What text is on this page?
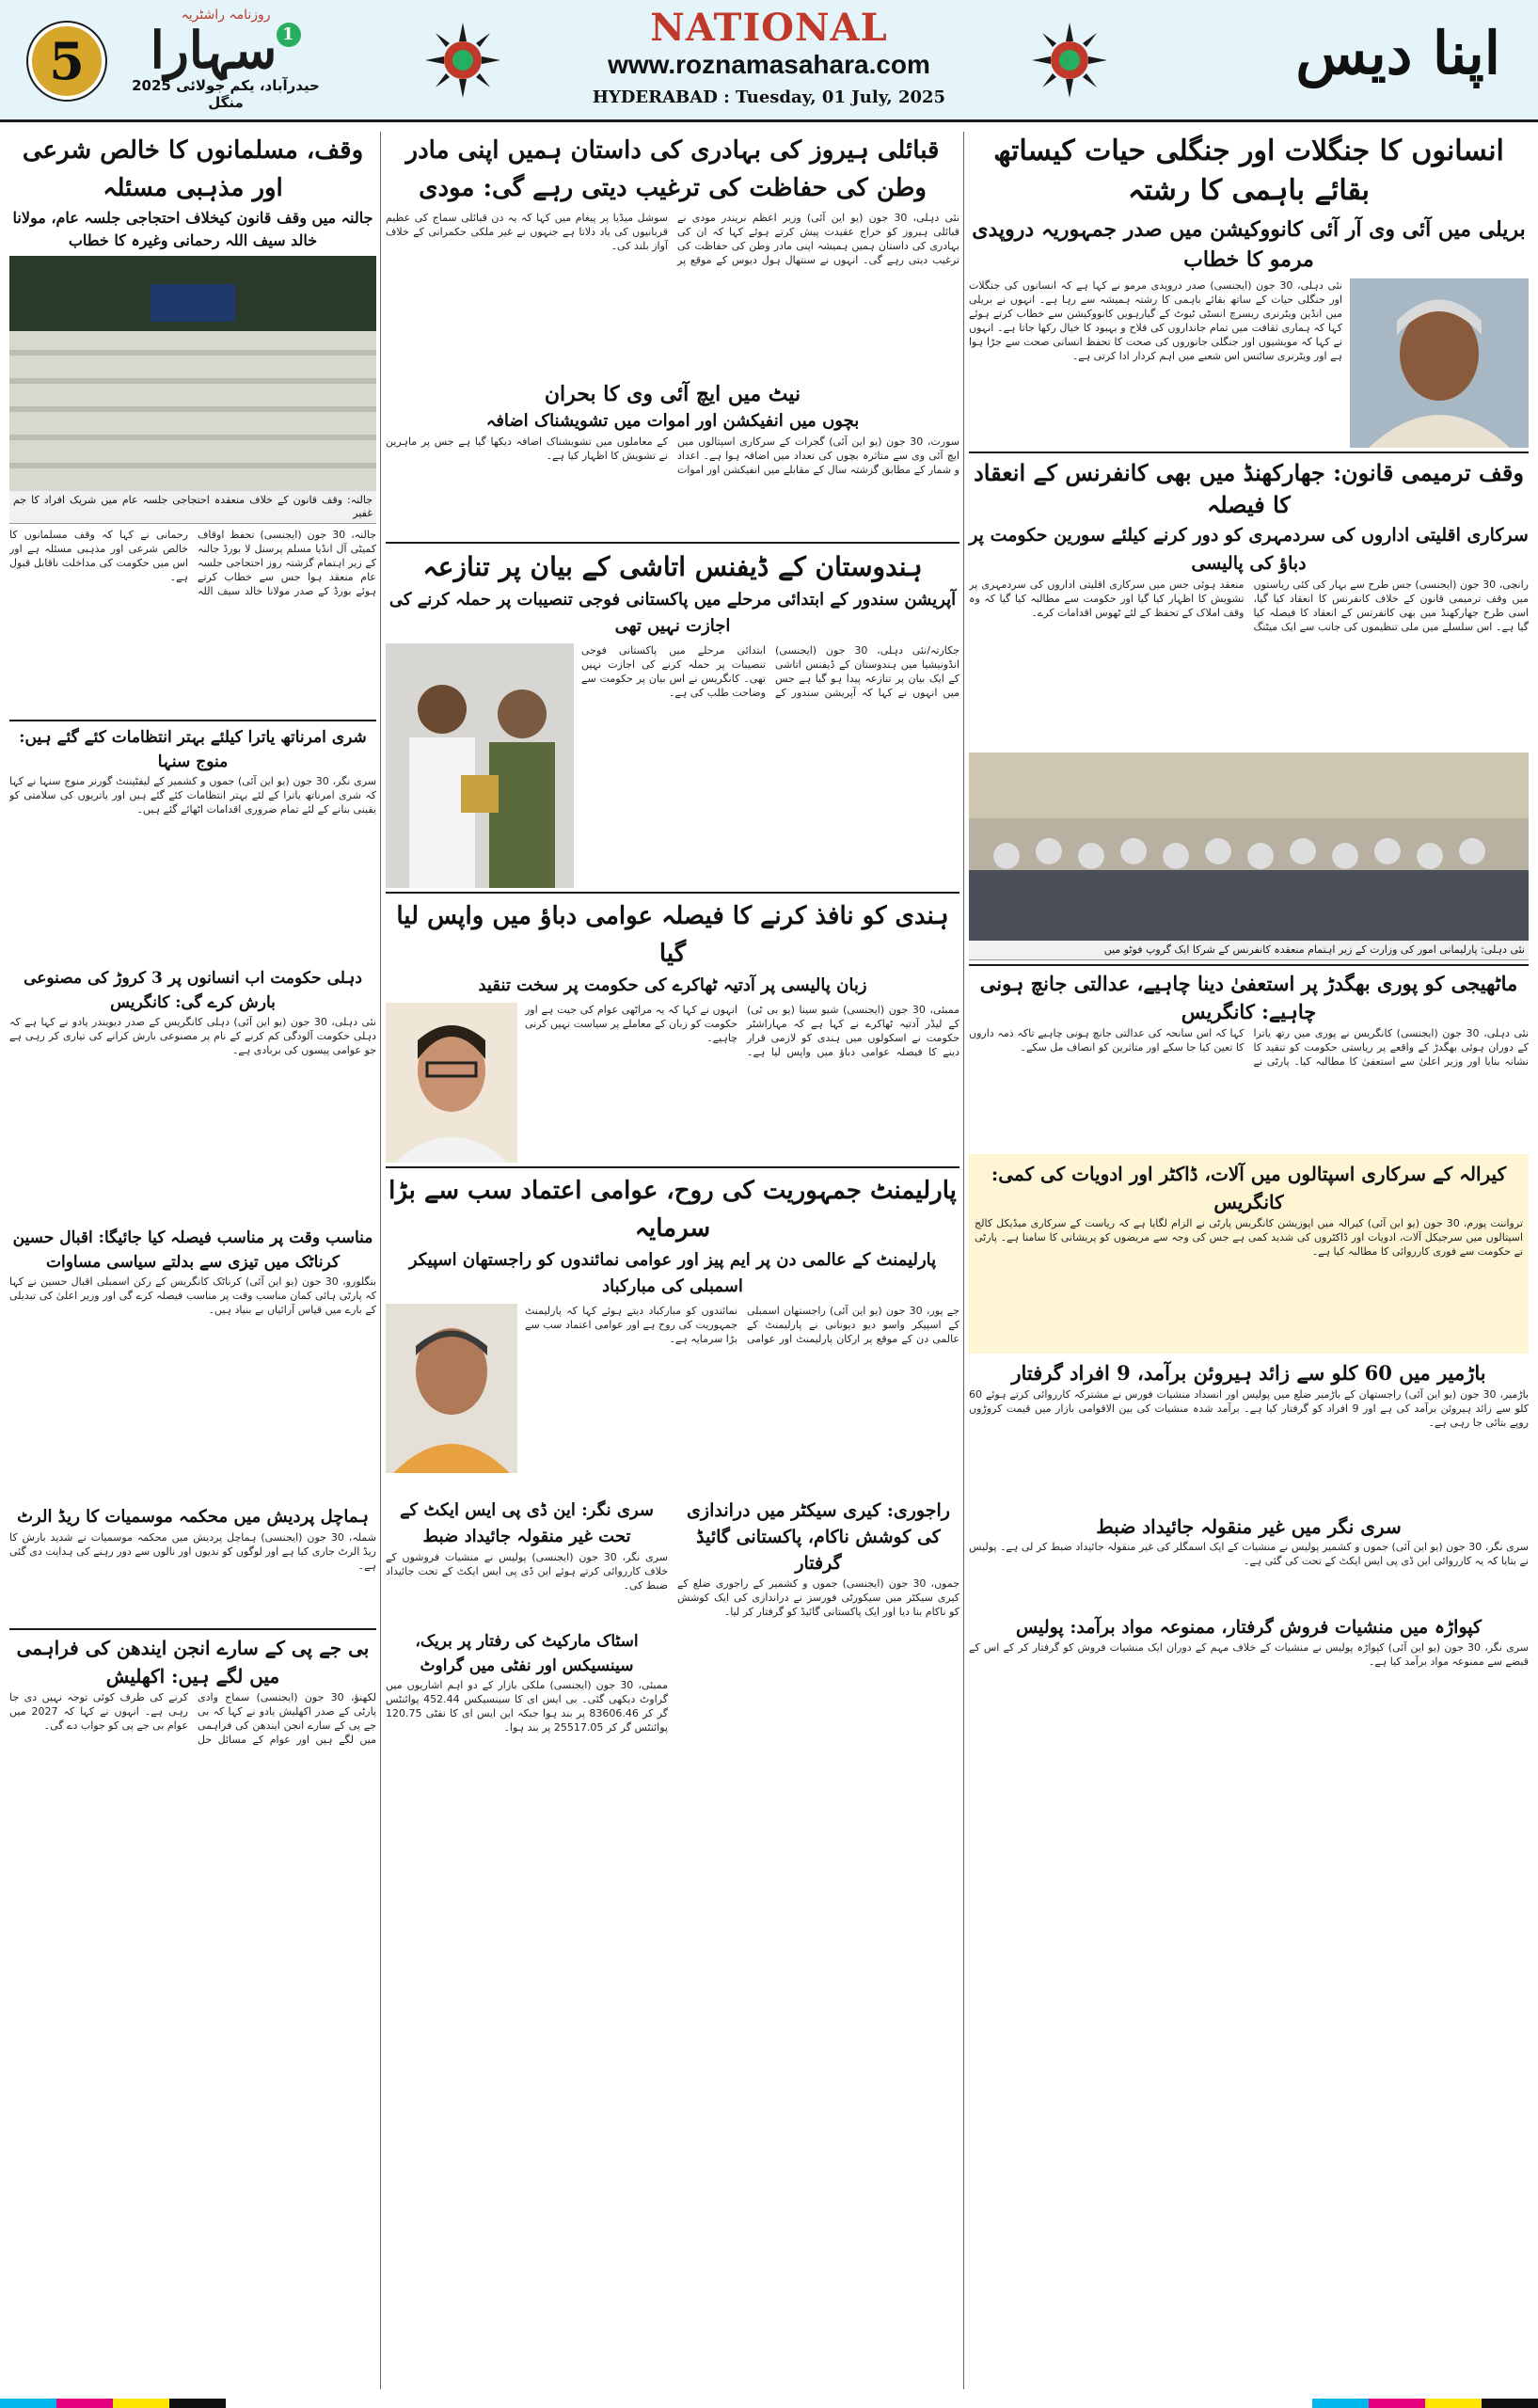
5
روزنامہ راشٹریہ
سہارا 1
حیدرآباد، یکم جولائی 2025 منگل
NATIONAL
www.roznamasahara.com
HYDERABAD : Tuesday, 01 July, 2025
اپنا دیس
انسانوں کا جنگلات اور جنگلی حیات کیساتھ بقائے باہمی کا رشتہ
بریلی میں آئی وی آر آئی کانووکیشن میں صدر جمہوریہ دروپدی مرمو کا خطاب
نئی دہلی، 30 جون (ایجنسی) صدر دروپدی مرمو نے کہا ہے کہ انسانوں کی جنگلات اور جنگلی حیات کے ساتھ بقائے باہمی کا رشتہ ہمیشہ سے رہا ہے۔ انہوں نے بریلی میں انڈین ویٹرنری ریسرچ انسٹی ٹیوٹ کے گیارہویں کانووکیشن سے خطاب کرتے ہوئے کہا کہ ہماری ثقافت میں تمام جانداروں کی فلاح و بہبود کا خیال رکھا جاتا ہے۔ انہوں نے کہا کہ مویشیوں اور جنگلی جانوروں کی صحت کا تحفظ انسانی صحت سے جڑا ہوا ہے اور ویٹرنری سائنس اس شعبے میں اہم کردار ادا کرتی ہے۔
وقف ترمیمی قانون: جھارکھنڈ میں بھی کانفرنس کے انعقاد کا فیصلہ
سرکاری اقلیتی اداروں کی سردمہری کو دور کرنے کیلئے سورین حکومت پر دباؤ کی پالیسی
رانچی، 30 جون (ایجنسی) جس طرح سے بہار کی کئی ریاستوں میں وقف ترمیمی قانون کے خلاف کانفرنس کا انعقاد کیا گیا، اسی طرح جھارکھنڈ میں بھی کانفرنس کے انعقاد کا فیصلہ کیا گیا ہے۔ اس سلسلے میں ملی تنظیموں کی جانب سے ایک میٹنگ منعقد ہوئی جس میں سرکاری اقلیتی اداروں کی سردمہری پر تشویش کا اظہار کیا گیا اور حکومت سے مطالبہ کیا گیا کہ وہ وقف املاک کے تحفظ کے لئے ٹھوس اقدامات کرے۔
نئی دہلی: پارلیمانی امور کی وزارت کے زیر اہتمام منعقدہ کانفرنس کے شرکا ایک گروپ فوٹو میں
ماٹھیجی کو پوری بھگدڑ پر استعفیٰ دینا چاہیے، عدالتی جانچ ہونی چاہیے: کانگریس
نئی دہلی، 30 جون (ایجنسی) کانگریس نے پوری میں رتھ یاترا کے دوران ہوئی بھگدڑ کے واقعے پر ریاستی حکومت کو تنقید کا نشانہ بنایا اور وزیر اعلیٰ سے استعفیٰ کا مطالبہ کیا۔ پارٹی نے کہا کہ اس سانحہ کی عدالتی جانچ ہونی چاہیے تاکہ ذمہ داروں کا تعین کیا جا سکے اور متاثرین کو انصاف مل سکے۔
کیرالہ کے سرکاری اسپتالوں میں آلات، ڈاکٹر اور ادویات کی کمی: کانگریس
ترواننت پورم، 30 جون (یو این آئی) کیرالہ میں اپوزیشن کانگریس پارٹی نے الزام لگایا ہے کہ ریاست کے سرکاری میڈیکل کالج اسپتالوں میں سرجیکل آلات، ادویات اور ڈاکٹروں کی شدید کمی ہے جس کی وجہ سے مریضوں کو پریشانی کا سامنا ہے۔ پارٹی نے حکومت سے فوری کارروائی کا مطالبہ کیا ہے۔
باڑمیر میں 60 کلو سے زائد ہیروئن برآمد، 9 افراد گرفتار
باڑمیر، 30 جون (یو این آئی) راجستھان کے باڑمیر ضلع میں پولیس اور انسداد منشیات فورس نے مشترکہ کارروائی کرتے ہوئے 60 کلو سے زائد ہیروئن برآمد کی ہے اور 9 افراد کو گرفتار کیا ہے۔ برآمد شدہ منشیات کی بین الاقوامی بازار میں قیمت کروڑوں روپے بتائی جا رہی ہے۔
سری نگر میں غیر منقولہ جائیداد ضبط
سری نگر، 30 جون (یو این آئی) جموں و کشمیر پولیس نے منشیات کے ایک اسمگلر کی غیر منقولہ جائیداد ضبط کر لی ہے۔ پولیس نے بتایا کہ یہ کارروائی این ڈی پی ایس ایکٹ کے تحت کی گئی ہے۔
کپواڑہ میں منشیات فروش گرفتار، ممنوعہ مواد برآمد: پولیس
سری نگر، 30 جون (یو این آئی) کپواڑہ پولیس نے منشیات کے خلاف مہم کے دوران ایک منشیات فروش کو گرفتار کر کے اس کے قبضے سے ممنوعہ مواد برآمد کیا ہے۔
قبائلی ہیروز کی بہادری کی داستان ہمیں اپنی مادر وطن کی حفاظت کی ترغیب دیتی رہے گی: مودی
نئی دہلی، 30 جون (یو این آئی) وزیر اعظم نریندر مودی نے قبائلی ہیروز کو خراج عقیدت پیش کرتے ہوئے کہا کہ ان کی بہادری کی داستان ہمیں ہمیشہ اپنی مادر وطن کی حفاظت کی ترغیب دیتی رہے گی۔ انہوں نے سنتھال ہول دیوس کے موقع پر سوشل میڈیا پر پیغام میں کہا کہ یہ دن قبائلی سماج کی عظیم قربانیوں کی یاد دلاتا ہے جنہوں نے غیر ملکی حکمرانی کے خلاف آواز بلند کی۔
نیٹ میں ایچ آئی وی کا بحران
بچوں میں انفیکشن اور اموات میں تشویشناک اضافہ
سورت، 30 جون (یو این آئی) گجرات کے سرکاری اسپتالوں میں ایچ آئی وی سے متاثرہ بچوں کی تعداد میں اضافہ ہوا ہے۔ اعداد و شمار کے مطابق گزشتہ سال کے مقابلے میں انفیکشن اور اموات کے معاملوں میں تشویشناک اضافہ دیکھا گیا ہے جس پر ماہرین نے تشویش کا اظہار کیا ہے۔
ہندوستان کے ڈیفنس اتاشی کے بیان پر تنازعہ
آپریشن سندور کے ابتدائی مرحلے میں پاکستانی فوجی تنصیبات پر حملہ کرنے کی اجازت نہیں تھی
جکارتہ/نئی دہلی، 30 جون (ایجنسی) انڈونیشیا میں ہندوستان کے ڈیفنس اتاشی کے ایک بیان پر تنازعہ پیدا ہو گیا ہے جس میں انہوں نے کہا کہ آپریشن سندور کے ابتدائی مرحلے میں پاکستانی فوجی تنصیبات پر حملہ کرنے کی اجازت نہیں تھی۔ کانگریس نے اس بیان پر حکومت سے وضاحت طلب کی ہے۔
ہندی کو نافذ کرنے کا فیصلہ عوامی دباؤ میں واپس لیا گیا
زبان پالیسی پر آدتیہ ٹھاکرے کی حکومت پر سخت تنقید
ممبئی، 30 جون (ایجنسی) شیو سینا (یو بی ٹی) کے لیڈر آدتیہ ٹھاکرے نے کہا ہے کہ مہاراشٹر حکومت نے اسکولوں میں ہندی کو لازمی قرار دینے کا فیصلہ عوامی دباؤ میں واپس لیا ہے۔ انہوں نے کہا کہ یہ مراٹھی عوام کی جیت ہے اور حکومت کو زبان کے معاملے پر سیاست نہیں کرنی چاہیے۔
پارلیمنٹ جمہوریت کی روح، عوامی اعتماد سب سے بڑا سرمایہ
پارلیمنٹ کے عالمی دن پر ایم پیز اور عوامی نمائندوں کو راجستھان اسپیکر اسمبلی کی مبارکباد
جے پور، 30 جون (یو این آئی) راجستھان اسمبلی کے اسپیکر واسو دیو دیونانی نے پارلیمنٹ کے عالمی دن کے موقع پر ارکان پارلیمنٹ اور عوامی نمائندوں کو مبارکباد دیتے ہوئے کہا کہ پارلیمنٹ جمہوریت کی روح ہے اور عوامی اعتماد سب سے بڑا سرمایہ ہے۔
راجوری: کیری سیکٹر میں دراندازی کی کوشش ناکام، پاکستانی گائیڈ گرفتار
جموں، 30 جون (ایجنسی) جموں و کشمیر کے راجوری ضلع کے کیری سیکٹر میں سیکورٹی فورسز نے دراندازی کی ایک کوشش کو ناکام بنا دیا اور ایک پاکستانی گائیڈ کو گرفتار کر لیا۔
سری نگر: این ڈی پی ایس ایکٹ کے تحت غیر منقولہ جائیداد ضبط
سری نگر، 30 جون (ایجنسی) پولیس نے منشیات فروشوں کے خلاف کارروائی کرتے ہوئے این ڈی پی ایس ایکٹ کے تحت جائیداد ضبط کی۔
اسٹاک مارکیٹ کی رفتار پر بریک، سینسیکس اور نفٹی میں گراوٹ
ممبئی، 30 جون (ایجنسی) ملکی بازار کے دو اہم اشاریوں میں گراوٹ دیکھی گئی۔ بی ایس ای کا سینسیکس 452.44 پوائنٹس گر کر 83606.46 پر بند ہوا جبکہ این ایس ای کا نفٹی 120.75 پوائنٹس گر کر 25517.05 پر بند ہوا۔
وقف، مسلمانوں کا خالص شرعی اور مذہبی مسئلہ
جالنہ میں وقف قانون کیخلاف احتجاجی جلسہ عام، مولانا خالد سیف اللہ رحمانی وغیرہ کا خطاب
جالنہ: وقف قانون کے خلاف منعقدہ احتجاجی جلسہ عام میں شریک افراد کا جم غفیر
جالنہ، 30 جون (ایجنسی) تحفظ اوقاف کمیٹی آل انڈیا مسلم پرسنل لا بورڈ جالنہ کے زیر اہتمام گزشتہ روز احتجاجی جلسہ عام منعقد ہوا جس سے خطاب کرتے ہوئے بورڈ کے صدر مولانا خالد سیف اللہ رحمانی نے کہا کہ وقف مسلمانوں کا خالص شرعی اور مذہبی مسئلہ ہے اور اس میں حکومت کی مداخلت ناقابل قبول ہے۔
شری امرناتھ یاترا کیلئے بہتر انتظامات کئے گئے ہیں: منوج سنہا
سری نگر، 30 جون (یو این آئی) جموں و کشمیر کے لیفٹیننٹ گورنر منوج سنہا نے کہا کہ شری امرناتھ یاترا کے لئے بہتر انتظامات کئے گئے ہیں اور یاتریوں کی سلامتی کو یقینی بنانے کے لئے تمام ضروری اقدامات اٹھائے گئے ہیں۔
دہلی حکومت اب انسانوں پر 3 کروڑ کی مصنوعی بارش کرے گی: کانگریس
نئی دہلی، 30 جون (یو این آئی) دہلی کانگریس کے صدر دیویندر یادو نے کہا ہے کہ دہلی حکومت آلودگی کم کرنے کے نام پر مصنوعی بارش کرانے کی تیاری کر رہی ہے جو عوامی پیسوں کی بربادی ہے۔
مناسب وقت پر مناسب فیصلہ کیا جائیگا: اقبال حسین
کرناٹک میں تیزی سے بدلتے سیاسی مساوات
بنگلورو، 30 جون (یو این آئی) کرناٹک کانگریس کے رکن اسمبلی اقبال حسین نے کہا کہ پارٹی ہائی کمان مناسب وقت پر مناسب فیصلہ کرے گی اور وزیر اعلیٰ کی تبدیلی کے بارے میں قیاس آرائیاں بے بنیاد ہیں۔
ہماچل پردیش میں محکمہ موسمیات کا ریڈ الرٹ
شملہ، 30 جون (ایجنسی) ہماچل پردیش میں محکمہ موسمیات نے شدید بارش کا ریڈ الرٹ جاری کیا ہے اور لوگوں کو ندیوں اور نالوں سے دور رہنے کی ہدایت دی گئی ہے۔
بی جے پی کے سارے انجن ایندھن کی فراہمی میں لگے ہیں: اکھلیش
لکھنؤ، 30 جون (ایجنسی) سماج وادی پارٹی کے صدر اکھلیش یادو نے کہا کہ بی جے پی کے سارے انجن ایندھن کی فراہمی میں لگے ہیں اور عوام کے مسائل حل کرنے کی طرف کوئی توجہ نہیں دی جا رہی ہے۔ انہوں نے کہا کہ 2027 میں عوام بی جے پی کو جواب دے گی۔
